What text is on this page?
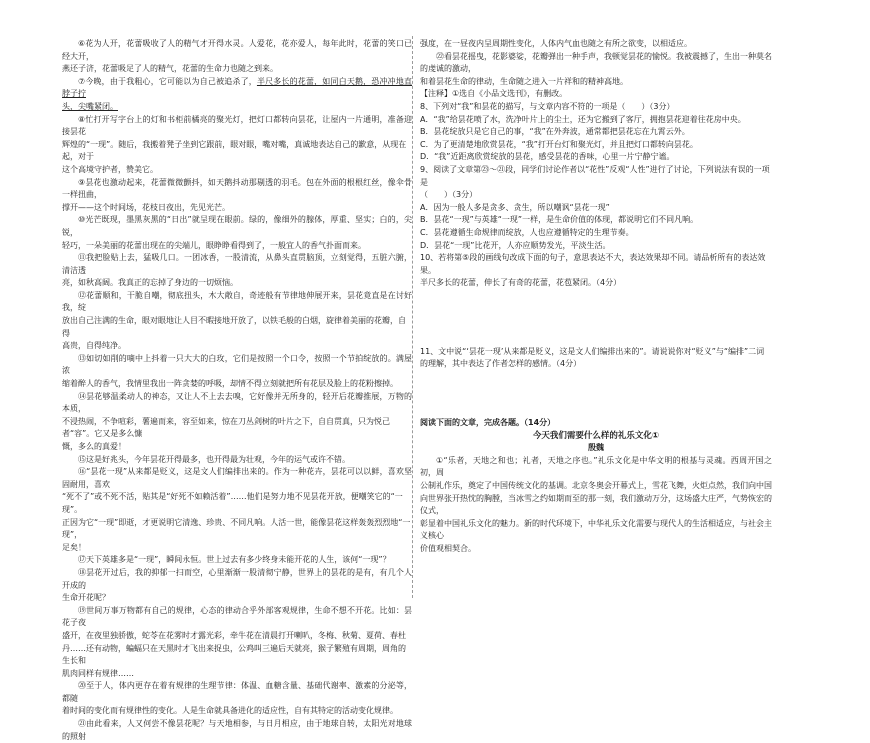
⑥花为人开，花蕾吸收了人的精气才开得水灵。人爱花，花亦爱人，每年此时，花蕾的笑口已经大开，

燕还子济，花蕾吸足了人的精气，花蕾的生命力也随之到来。

⑦今晚，由于我粗心，它可能以为自己被追杀了，半尺多长的花蕾，如同白天鹅，恐冲冲地直脖子拧

头，尖嘴紧闭。

⑧忙打开写字台上的灯和书柜前橘亮的聚光灯，把灯口都转向昙花，让屋内一片通明，准备迎接昙花

辉煌的“一现”。随后，我搬着凳子坐到它跟前，眼对眼，嘴对嘴，真诚地表达自己的歉意，从现在起，对于

这个高境守护者，赞美它。

⑨昙花也激动起来，花蕾微微颤抖，如天鹅抖动那剔透的羽毛。包在外面的根根红丝，像伞骨一样扭曲，

撑开——这个时间场，花枝日夜出，先见光芒。

⑩光芒既现，墨黑灰黑的“日出”就呈现在眼前。绿的，像细外的腺体，厚重、坚实；白的，尖锐，

轻巧，一朵美丽的花蕾出现在的尖端儿，眼睁睁看得到了，一般宜人的香气扑面而来。

⑪我把脸贴上去，猛吸几口。一团冰香，一股清流，从鼻头直贯脑顶，立刻觉得，五脏六腑，清洁透

亮，如秋高阔。我真正的忘掉了身边的一切烦恼。

⑫花蕾顺和，干脆自嘲，彻底扭头，木大敞自，奇迹般有节律地伸展开来，昙花竟直是在讨好我，绽

放出自己注满的生命，眼对眼地让人目不暇接地开放了，以铁毛般的白烟，旋律着美丽的花瓣，自得

高贵，自得纯净。

⑬如切如削的嘀中上抖着一只大大的白玫，它们是按照一个口令，按照一个节拍绽放的。满屋浓

缩着醉人的香气，我情里我出一阵贪婪的呼吸，却情不得立刻就把所有花层及脸上的花粉擦掉。

⑭昙花够温柔动人的神态，又让人不上去去嗅，它好像并无所身的，轻开后花瓣推展，万物的本质，

不浸热闹，不争喧彩，薯遍而来，容至如来，惊在刀丛剑树的叶片之下，自自贯真，只为悦己者“容”。它又是多么慷

慨，多么的真爱！

⑮这是好兆头，今年昙花开得最多，也开得最为壮观，今年的运气或许不错。

⑯“昙花一现”从来都是贬义，这是文人们编排出来的。作为一种花卉，昙花可以以鲜，喜欢坚固耐用，喜欢

“死不了”或不死不活，贴其是“好死不如赖活着”……他们是努力地不见昙花开放，便嘲笑它的“一现”。

正因为它“一现”即逝，才更说明它清逸、珍贵、不同凡响。人活一世，能像昙花这样轰轰烈烈地“一现”，

足矣！

⑰天下英雄多是“一现”，瞬间永恒。世上过去有多少终身未能开花的人生，该何“一现”？

⑱昙花开过后，我的抑郁一扫而空，心里渐渐一股清彻宁静，世界上的昙花的是有，有几个人开成的

生命开花呢？

⑲世间万事万物都有自己的规律，心态的律动合乎外部客观规律，生命不想不开花。比如：昙花子夜

盛开，在夜里独骄傲，蛇苓在花雾时才露光彩，牵牛花在清晨打开喇叭，冬梅、秋菊、夏荷、春杜

丹……还有动物，蝙蝠只在天黑时才飞出来捉虫，公鸡叫三遍后天就亮，猴子繁殖有周期，周角的生长和

肌肉同样有规律……

⑳至于人，体内更存在着有规律的生理节律：体温、血糖含量、基础代谢率、激素的分泌等，都随

着时间的变化而有规律性的变化。人是生命就具备进化的适应性，自有其特定的活动变化规律。

㉑由此看来，人又何尝不像昙花呢？与天地相参，与日月相应，由于地球自转，太阳光对地球的照射

强度，在一昼夜内呈周期性变化，人体内气血也随之有所之欲变，以相适应。

㉒看昙花摇曳，花影婆娑，花瓣弹出一种手声，我顿觉昙花的愉悦。我被震撼了，生出一种莫名的虔诚的激动，

和着昙花生命的律动，生命随之进入一片祥和的精神高地。

【注释】①选自《小品文选刊》，有删改。

8、下列对“我”和昙花的描写，与文章内容不符的一项是（　　）（3分）

A．“我”给昙花喷了水，洗净叶片上的尘土，还为它搬到了客厅，拥抱昙花迎着往花房中央。

B．昙花绽放只是它自己的事，“我”在外奔波，通常都把昙花忘在九霄云外。

C．为了更清楚地欣赏昙花，“我”打开台灯和聚光灯，并且把灯口都转向昙花。

D．“我”近距离欣赏绽放的昙花，感受昙花的香味，心里一片宁静宁谧。

9、阅读了文章第㉓～㉑段，同学们讨论作者以“花性”反观“人性”进行了讨论，下列说法有误的一项是

（　　）（3分）

A．因为一般人多是贪多、贪生，所以嘲讽“昙花一现”

B．昙花“一现”与英雄“一现”一样，是生命价值的体现，都说明它们不同凡响。

C．昙花遵循生命规律而绽放，人也应遵循特定的生理节奏。

D．昙花“一现”比花开，人亦应顺势发光，平淡生活。

10、若将第⑤段的画线句改成下面的句子，意思表达不大，表达效果却不同。请品析所有的表达效果。

半尺多长的花蕾，伸长了有奇的花蕾，花苞紧闭。（4分）

11、文中说“‘昙花一现’从来都是贬义，这是文人们编排出来的”。请说说你对“贬义”与“编排”二词

的理解，其中表达了作者怎样的感情。（4分）

阅读下面的文章，完成各题。（14分）

今天我们需要什么样的礼乐文化①

殷魏

①“乐者，天地之和也；礼者，天地之序也。”礼乐文化是中华文明的根基与灵魂。西周开国之初，周

公制礼作乐，奠定了中国传统文化的基调。北京冬奥会开幕式上，雪花飞舞，火炬点然，我们向中国

向世界张开热忱的胸膛，当冰雪之约如期而至的那一刻，我们激动万分，这场盛大庄严，气势恢宏的仪式，

彰显着中国礼乐文化的魅力。新的时代环境下，中华礼乐文化需要与现代人的生活相适应，与社会主义核心

价值观相契合。
